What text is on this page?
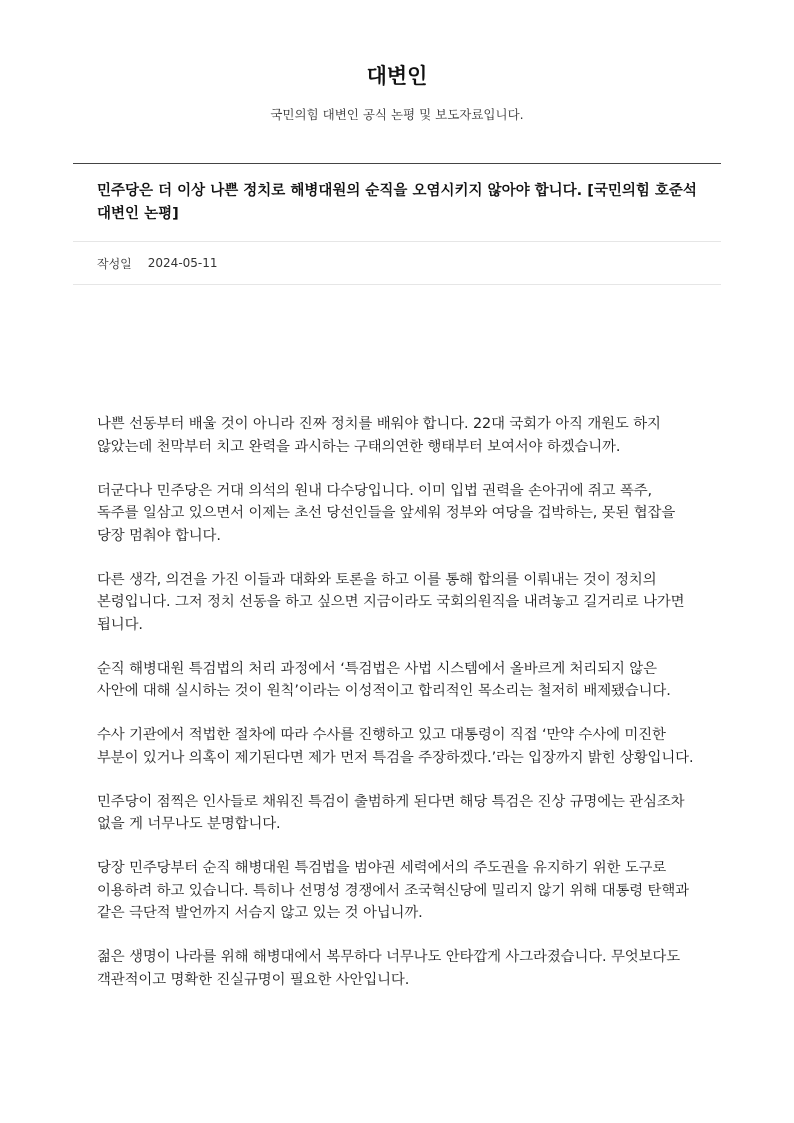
대변인
국민의힘 대변인 공식 논평 및 보도자료입니다.
민주당은 더 이상 나쁜 정치로 해병대원의 순직을 오염시키지 않아야 합니다. [국민의힘 호준석 대변인 논평]
작성일 2024-05-11

나쁜 선동부터 배울 것이 아니라 진짜 정치를 배워야 합니다. 22대 국회가 아직 개원도 하지 않았는데 천막부터 치고 완력을 과시하는 구태의연한 행태부터 보여서야 하겠습니까.

더군다나 민주당은 거대 의석의 원내 다수당입니다. 이미 입법 권력을 손아귀에 쥐고 폭주, 독주를 일삼고 있으면서 이제는 초선 당선인들을 앞세워 정부와 여당을 겁박하는, 못된 협잡을 당장 멈춰야 합니다.

다른 생각, 의견을 가진 이들과 대화와 토론을 하고 이를 통해 합의를 이뤄내는 것이 정치의 본령입니다. 그저 정치 선동을 하고 싶으면 지금이라도 국회의원직을 내려놓고 길거리로 나가면 됩니다.

순직 해병대원 특검법의 처리 과정에서 ‘특검법은 사법 시스템에서 올바르게 처리되지 않은 사안에 대해 실시하는 것이 원칙’이라는 이성적이고 합리적인 목소리는 철저히 배제됐습니다.

수사 기관에서 적법한 절차에 따라 수사를 진행하고 있고 대통령이 직접 ‘만약 수사에 미진한 부분이 있거나 의혹이 제기된다면 제가 먼저 특검을 주장하겠다.’라는 입장까지 밝힌 상황입니다.

민주당이 점찍은 인사들로 채워진 특검이 출범하게 된다면 해당 특검은 진상 규명에는 관심조차 없을 게 너무나도 분명합니다.

당장 민주당부터 순직 해병대원 특검법을 범야권 세력에서의 주도권을 유지하기 위한 도구로 이용하려 하고 있습니다. 특히나 선명성 경쟁에서 조국혁신당에 밀리지 않기 위해 대통령 탄핵과 같은 극단적 발언까지 서슴지 않고 있는 것 아닙니까.

젊은 생명이 나라를 위해 해병대에서 복무하다 너무나도 안타깝게 사그라졌습니다. 무엇보다도 객관적이고 명확한 진실규명이 필요한 사안입니다.
